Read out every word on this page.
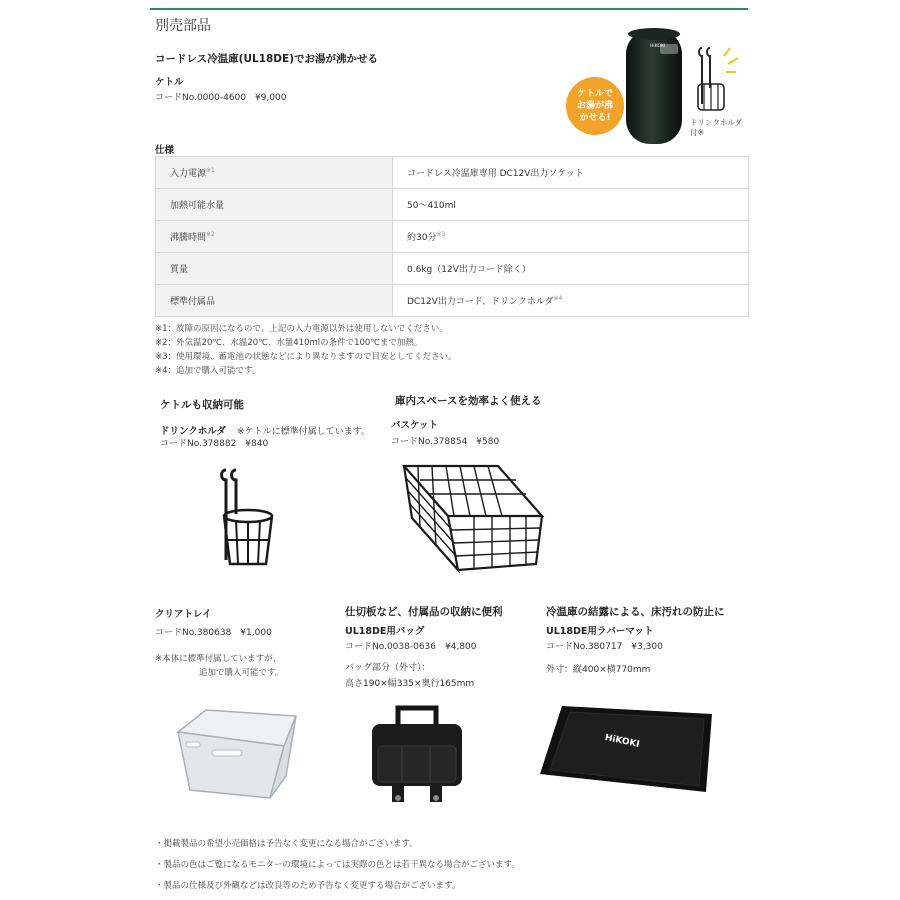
別売部品
コードレス冷温庫(UL18DE)でお湯が沸かせる
ケトル
コードNo.0000-4600　¥9,000	ケトルでお湯が沸かせる!
HiKOKI
ドリンクホルダ付※
仕様
入力電源$^{※1}$	コードレス冷温庫専用 DC12V出力ソケット
加熱可能水量	50～410ml
沸騰時間$^{※2}$	約30分$^{※3}$
質量	0.6kg（12V出力コード除く）
標準付属品	DC12V出力コード、ドリンクホルダ$^{※4}$
※1：故障の原因になるので、上記の入力電源以外は使用しないでください。
※2：外気温20℃、水温20℃、水量410mlの条件で100℃まで加熱。
※3：使用環境、蓄電池の状態などにより異なりますので目安としてください。
※4：追加で購入可能です。
ケトルも収納可能
ドリンクホルダ ※ケトルに標準付属しています。
コードNo.378882　¥840
庫内スペースを効率よく使える
バスケット
コードNo.378854　¥580
クリアトレイ
コードNo.380638　¥1,000
※本体に標準付属していますが、
追加で購入可能です。
仕切板など、付属品の収納に便利
UL18DE用バッグ
コードNo.0038-0636　¥4,800
バッグ部分（外寸）：
高さ190×幅335×奥行165mm
冷温庫の結露による、床汚れの防止に
UL18DE用ラバーマット
コードNo.380717　¥3,300
外寸：縦400×横770mm
HiKOKI
・掲載製品の希望小売価格は予告なく変更になる場合がございます。
・製品の色はご覧になるモニターの環境によっては実際の色とは若干異なる場合がございます。
・製品の仕様及び外観などは改良等のため予告なく変更する場合がございます。
